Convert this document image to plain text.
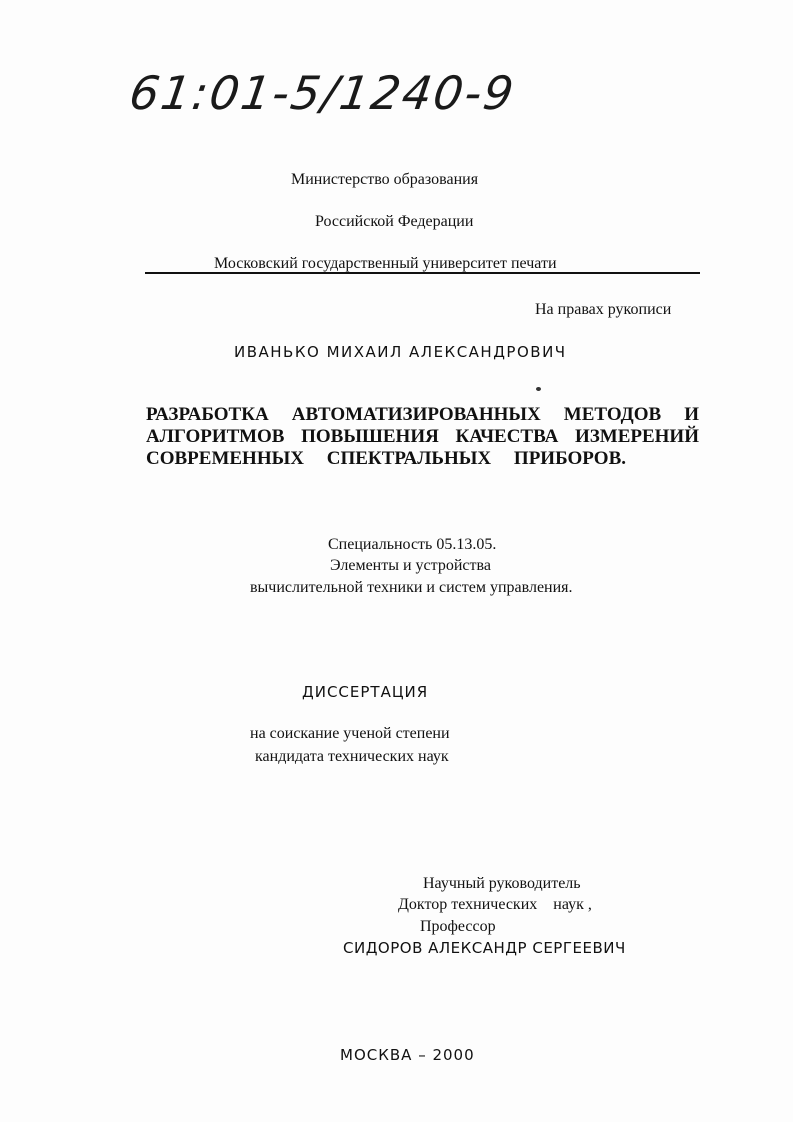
61:01-5/1240-9
Министерство образования
Российской Федерации
Московский государственный университет печати
На правах рукописи
ИВАНЬКО МИХАИЛ АЛЕКСАНДРОВИЧ
РАЗРАБОТКА АВТОМАТИЗИРОВАННЫХ МЕТОДОВ И
АЛГОРИТМОВ ПОВЫШЕНИЯ КАЧЕСТВА ИЗМЕРЕНИЙ
СОВРЕМЕННЫХ СПЕКТРАЛЬНЫХ ПРИБОРОВ.
Специальность 05.13.05.
Элементы и устройства
вычислительной техники и систем управления.
ДИССЕРТАЦИЯ
на соискание ученой степени
кандидата технических наук
Научный руководитель
Доктор технических    наук ,
Профессор
СИДОРОВ АЛЕКСАНДР СЕРГЕЕВИЧ
МОСКВА – 2000
